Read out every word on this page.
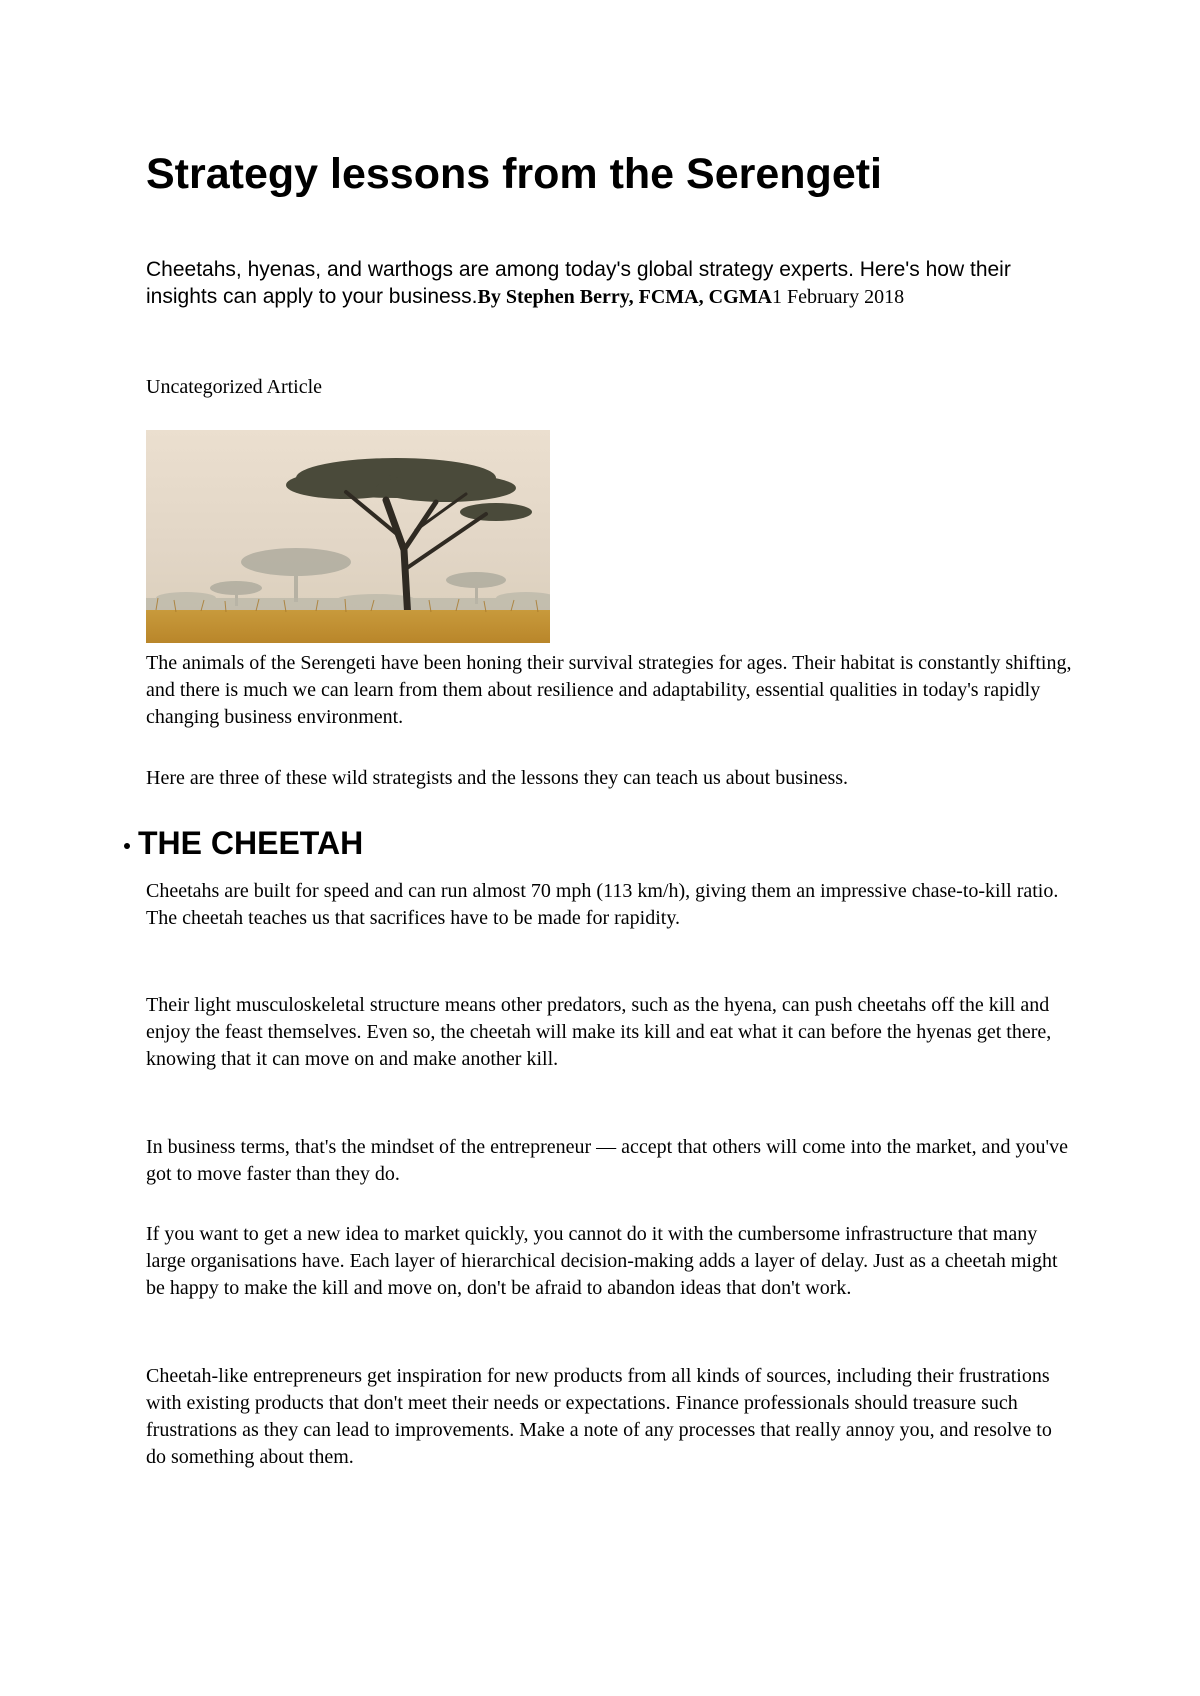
Strategy lessons from the Serengeti

Cheetahs, hyenas, and warthogs are among today's global strategy experts. Here's how their insights can apply to your business.By Stephen Berry, FCMA, CGMA1 February 2018

Uncategorized Article

The animals of the Serengeti have been honing their survival strategies for ages. Their habitat is constantly shifting, and there is much we can learn from them about resilience and adaptability, essential qualities in today's rapidly changing business environment.

Here are three of these wild strategists and the lessons they can teach us about business.

THE CHEETAH

Cheetahs are built for speed and can run almost 70 mph (113 km/h), giving them an impressive chase-to-kill ratio. The cheetah teaches us that sacrifices have to be made for rapidity.

Their light musculoskeletal structure means other predators, such as the hyena, can push cheetahs off the kill and enjoy the feast themselves. Even so, the cheetah will make its kill and eat what it can before the hyenas get there, knowing that it can move on and make another kill.

In business terms, that's the mindset of the entrepreneur — accept that others will come into the market, and you've got to move faster than they do.

If you want to get a new idea to market quickly, you cannot do it with the cumbersome infrastructure that many large organisations have. Each layer of hierarchical decision-making adds a layer of delay. Just as a cheetah might be happy to make the kill and move on, don't be afraid to abandon ideas that don't work.

Cheetah-like entrepreneurs get inspiration for new products from all kinds of sources, including their frustrations with existing products that don't meet their needs or expectations. Finance professionals should treasure such frustrations as they can lead to improvements. Make a note of any processes that really annoy you, and resolve to do something about them.
